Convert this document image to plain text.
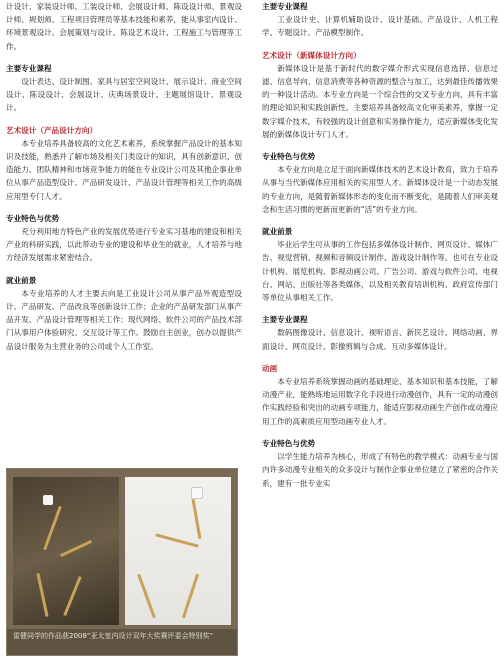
计设计、家装设计师、工装设计师、会展设计师、陈设设计师、景观设计师、规划师、工程项目管理员等基本技能和素养，能从事室内设计、环境景观设计、会展策划与设计、陈设艺术设计、工程施工与管理等工作。

主要专业课程

设计表达、设计制图、家具与居室空间设计、展示设计、商业空间设计、陈设设计、会展设计、庆典场景设计、主题展馆设计、景观设计。

艺术设计（产品设计方向）

本专业培养具备较高的文化艺术素养，系统掌握产品设计的基本知识及技能，熟悉并了解市场及相关门类设计的知识，具有创新意识、创造能力、团队精神和市场竞争能力的能在专业设计公司及其他企事业单位从事产品造型设计、产品研发设计、产品设计管理等相关工作的高级应用型专门人才。

专业特色与优势

充分利用地方特色产业的发展优势进行专业实习基地的建设和相关产业的科研实践，以此带动专业的建设和毕业生的就业，人才培养与地方经济发展需求紧密结合。

就业前景

本专业培养的人才主要去向是工业设计公司从事产品外观造型设计、产品研发、产品改良等创新设计工作；企业的产品研发部门从事产品开发、产品设计管理等相关工作；现代网络、软件公司的产品技术部门从事用户体验研究、交互设计等工作。鼓励自主创业，创办以提供产品设计服务为主营业务的公司或个人工作室。

雷健同学的作品获2008“亚太室内设计双年大奖赛评委会特别奖”

主要专业课程

工业设计史、计算机辅助设计、设计基础、产品设计、人机工程学、专题设计、产品模型制作。

艺术设计（新媒体设计方向）

新媒体设计是基于新时代的数字媒介形式实现信息选择、信息过滤、信息导向、信息消费等各种资源的整合与加工，达到最佳传播效果的一种设计活动。本专业方向是一个综合性的交叉专业方向，具有丰富的理论知识和实践创新性。主要培养具备较高文化审美素养，掌握一定数字媒介技术，有较强的设计创意和实务操作能力，适应新媒体变化发展的新媒体设计专门人才。

专业特色与优势

本专业方向是立足于面向新媒体技术的艺术设计教育，致力于培养从事与当代新媒体应用相关的实用型人才。新媒体设计是一个动态发展的专业方向，是随着新媒体形态的变化而不断变化，是随着人们审美观念和生活习惯的更新而更新的“活”的专业方向。

就业前景

毕业后学生可从事的工作包括多媒体设计制作、网页设计、媒体广告、视觉营销、视频和音频设计制作、游戏设计制作等。也可在专业设计机构、展览机构、影视动画公司、广告公司、游戏与软件公司、电视台、网站、出版社等各类媒体，以及相关教育培训机构、政府宣传部门等单位从事相关工作。

主要专业课程

数码图像设计、信息设计、视听语言、新民艺设计、网络动画、界面设计、网页设计、影像剪辑与合成、互动多媒体设计。

动画

本专业培养系统掌握动画的基础理论、基本知识和基本技能，了解动漫产业，能熟练地运用数字化手段进行动漫创作，具有一定的动漫创作实践经验和突出的动画专项能力，能适应影视动画生产创作或动漫应用工作的高素质应用型动画专业人才。

专业特色与优势

以学生能力培养为核心，形成了有特色的教学模式：动画专业与国内许多动漫专业相关的众多设计与制作企事业单位建立了紧密的合作关系，建有一批专业实
